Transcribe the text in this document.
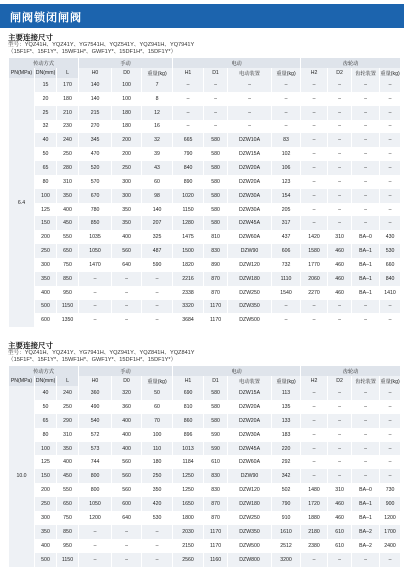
闸阀锁闭闸阀
主要连接尺寸
型号：YQZ41H、YQZ41Y、YG7541H、YQZ541Y、YQZ941H、YQ7941Y
（15F1F*、15F1Y*、15WF1H*、GWF1Y*、15DF1H*、15DF1Y*）
传动方式			手动			电动				齿轮动			
PN(MPa)	DN(mm)	L	H0	D0	重量(kg)	H1	D1	电动装置	重量(kg)	H2	D2	齿轮装置	重量(kg)
6.4	15	170	140	100	7	–	–	–	–	–	–	–	–
	20	180	140	100	8	–	–	–	–	–	–	–	–
	25	210	215	180	12	–	–	–	–	–	–	–	–
	32	230	270	180	16	–	–	–	–	–	–	–	–
	40	240	345	200	32	665	580	DZW10A	83	–	–	–	–
	50	250	470	200	39	790	580	DZW15A	102	–	–	–	–
	65	280	520	250	43	840	580	DZW20A	106	–	–	–	–
	80	310	570	300	60	890	580	DZW20A	123	–	–	–	–
	100	350	670	300	98	1020	580	DZW30A	154	–	–	–	–
	125	400	780	350	140	1150	580	DZW30A	205	–	–	–	–
	150	450	850	350	207	1280	580	DZW45A	317	–	–	–	–
	200	550	1035	400	325	1475	810	DZW60A	437	1420	310	BA–0	430
	250	650	1050	560	487	1500	830	DZW90	606	1580	460	BA–1	530
	300	750	1470	640	590	1820	890	DZW120	732	1770	460	BA–1	660
	350	850	–	–	–	2216	870	DZW180	1110	2060	460	BA–1	840
	400	950	–	–	–	2338	870	DZW250	1540	2270	460	BA–1	1410
	500	1150	–	–	–	3320	1170	DZW350	–	–	–	–	–
	600	1350	–	–	–	3684	1170	DZW500	–	–	–	–	–
主要连接尺寸
型号：YQZ41H、YQZ41Y、YG7941H、YQZ941Y、YQZ841H、YQZ841Y
（15F1F*、15F1Y*、15WF1H*、GWF1Y*、15DF1H*、15DF1Y*）
传动方式			手动			电动				齿轮动			
PN(MPa)	DN(mm)	L	H0	D0	重量(kg)	H1	D1	电动装置	重量(kg)	H2	D2	齿轮装置	重量(kg)
10.0	40	240	360	320	50	690	580	DZW15A	113	–	–	–	–
	50	250	490	360	60	810	580	DZW20A	135	–	–	–	–
	65	290	540	400	70	860	580	DZW20A	133	–	–	–	–
	80	310	572	400	100	896	590	DZW30A	183	–	–	–	–
	100	350	573	400	110	1013	590	DZW45A	220	–	–	–	–
	125	400	744	560	180	1184	610	DZW60A	292	–	–	–	–
	150	450	800	560	250	1250	830	DZW90	342	–	–	–	–
	200	550	800	560	350	1250	830	DZW120	502	1480	310	BA–0	730
	250	650	1050	600	420	1650	870	DZW180	790	1720	460	BA–1	900
	300	750	1200	640	530	1800	870	DZW250	910	1880	460	BA–1	1200
	350	850	–	–	–	2030	1170	DZW350	1610	2180	610	BA–2	1700
	400	950	–	–	–	2150	1170	DZW500	2512	2380	610	BA–2	2400
	500	1150	–	–	–	2560	1160	DZW800	3200	–	–	–	–
